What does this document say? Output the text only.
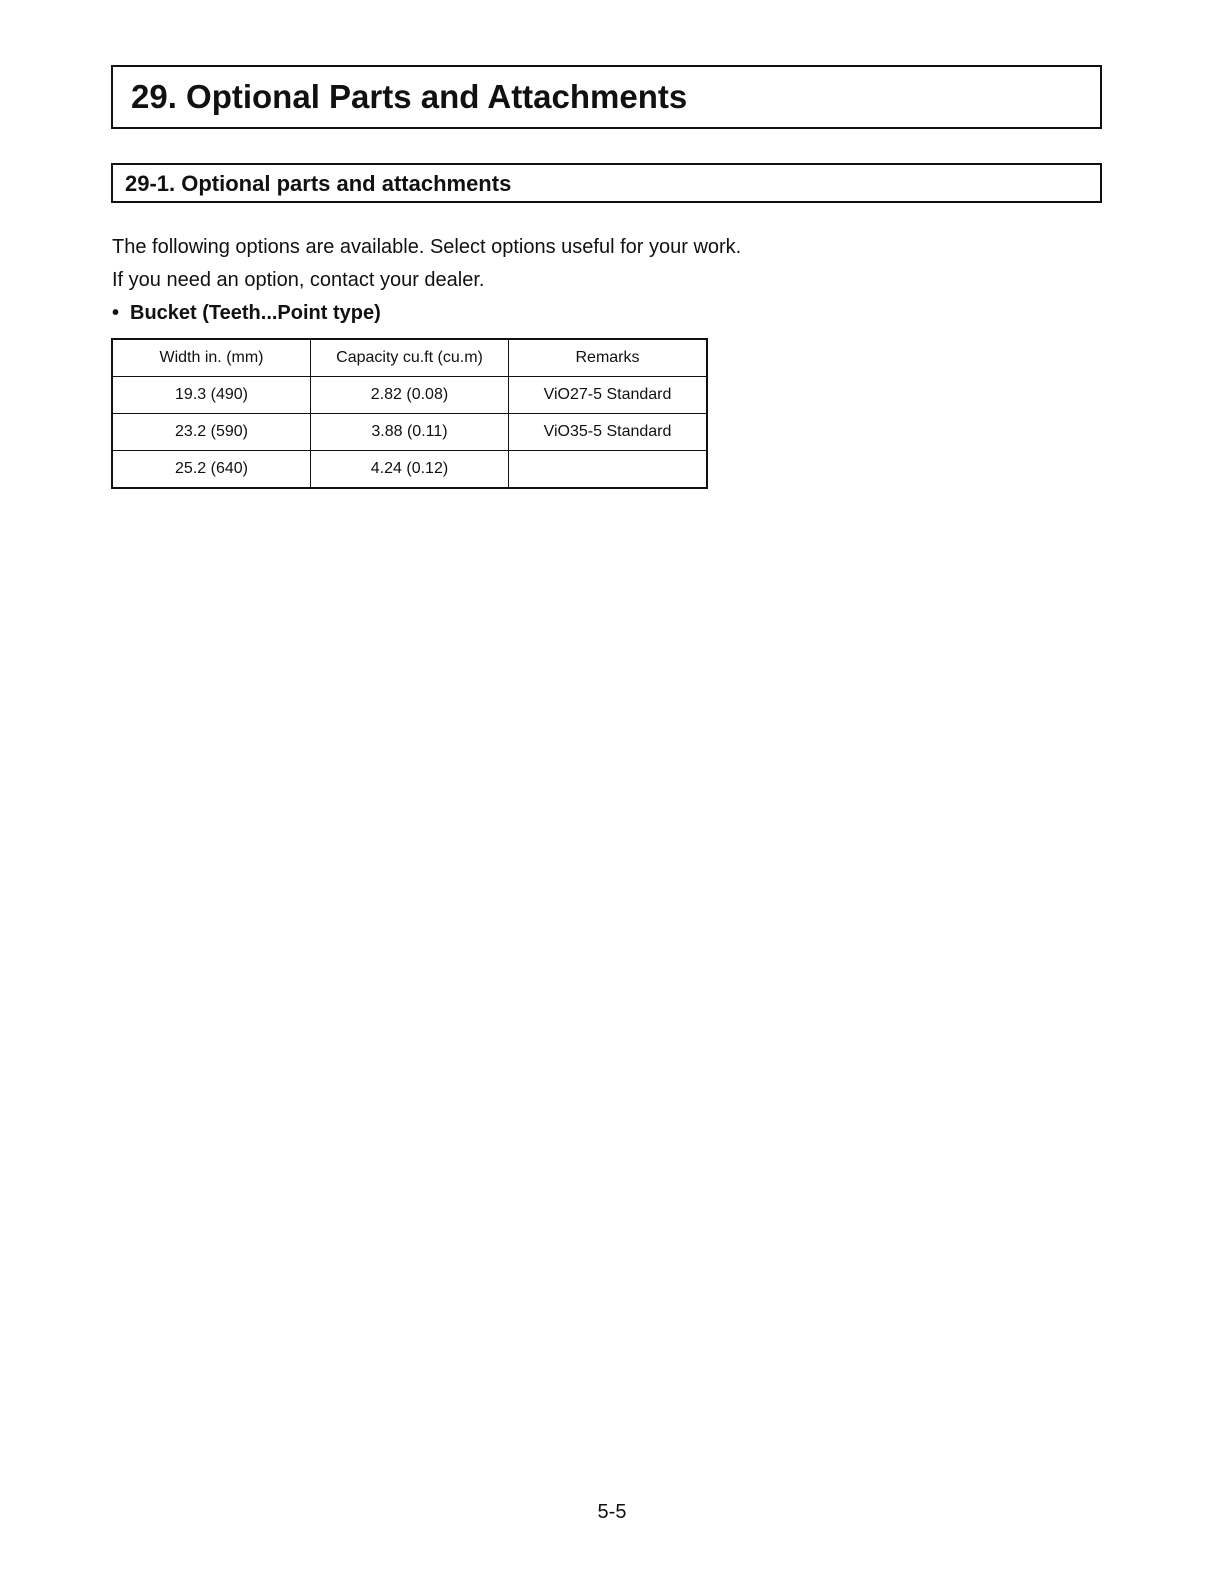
29. Optional Parts and Attachments
29-1. Optional parts and attachments

The following options are available. Select options useful for your work.

If you need an option, contact your dealer.

• Bucket (Teeth...Point type)

Width in. (mm)	Capacity cu.ft (cu.m)	Remarks
19.3 (490)	2.82 (0.08)	ViO27-5 Standard
23.2 (590)	3.88 (0.11)	ViO35-5 Standard
25.2 (640)	4.24 (0.12)	

5-5
